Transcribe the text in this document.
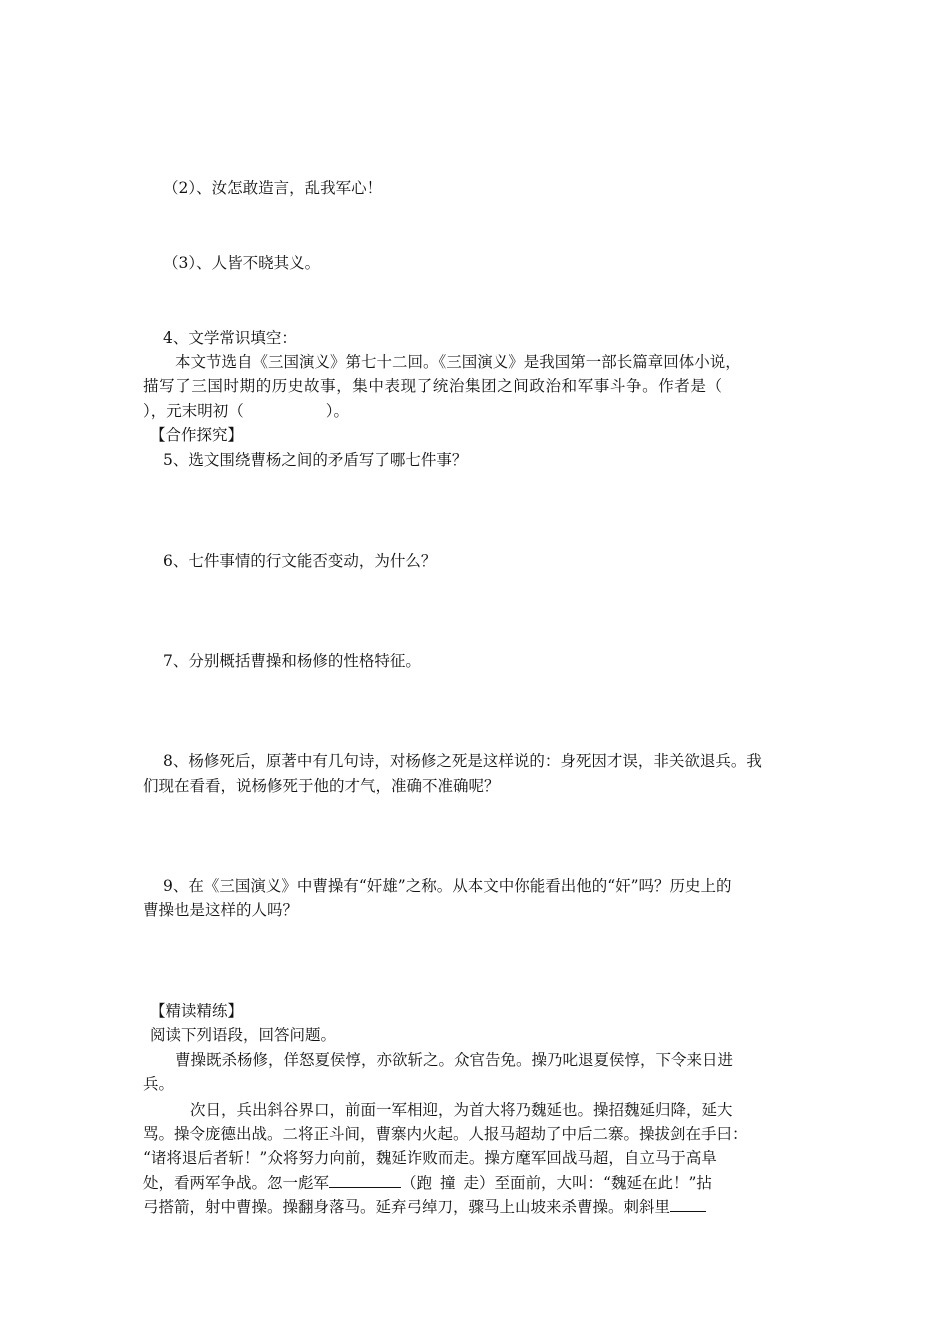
（2）、汝怎敢造言，乱我军心！
（3）、人皆不晓其义。
4、文学常识填空：
本文节选自《三国演义》第七十二回。《三国演义》是我国第一部长篇章回体小说，
描写了三国时期的历史故事，集中表现了统治集团之间政治和军事斗争。作者是（
），元末明初（	）。
【合作探究】
5、选文围绕曹杨之间的矛盾写了哪七件事？
6、七件事情的行文能否变动，为什么？
7、分别概括曹操和杨修的性格特征。
8、杨修死后，原著中有几句诗，对杨修之死是这样说的：身死因才误，非关欲退兵。我
们现在看看，说杨修死于他的才气，准确不准确呢？
9、在《三国演义》中曹操有“奸雄”之称。从本文中你能看出他的“奸”吗？历史上的
曹操也是这样的人吗？
【精读精练】
阅读下列语段，回答问题。
曹操既杀杨修，佯怒夏侯惇，亦欲斩之。众官告免。操乃叱退夏侯惇，下令来日进
兵。
次日，兵出斜谷界口，前面一军相迎，为首大将乃魏延也。操招魏延归降，延大
骂。操令庞德出战。二将正斗间，曹寨内火起。人报马超劫了中后二寨。操拔剑在手曰：
“诸将退后者斩！”众将努力向前，魏延诈败而走。操方麾军回战马超，自立马于高阜
处，看两军争战。忽一彪军	（跑 撞 走）至面前，大叫：“魏延在此！”拈
弓搭箭，射中曹操。操翻身落马。延弃弓绰刀，骤马上山坡来杀曹操。刺斜里
